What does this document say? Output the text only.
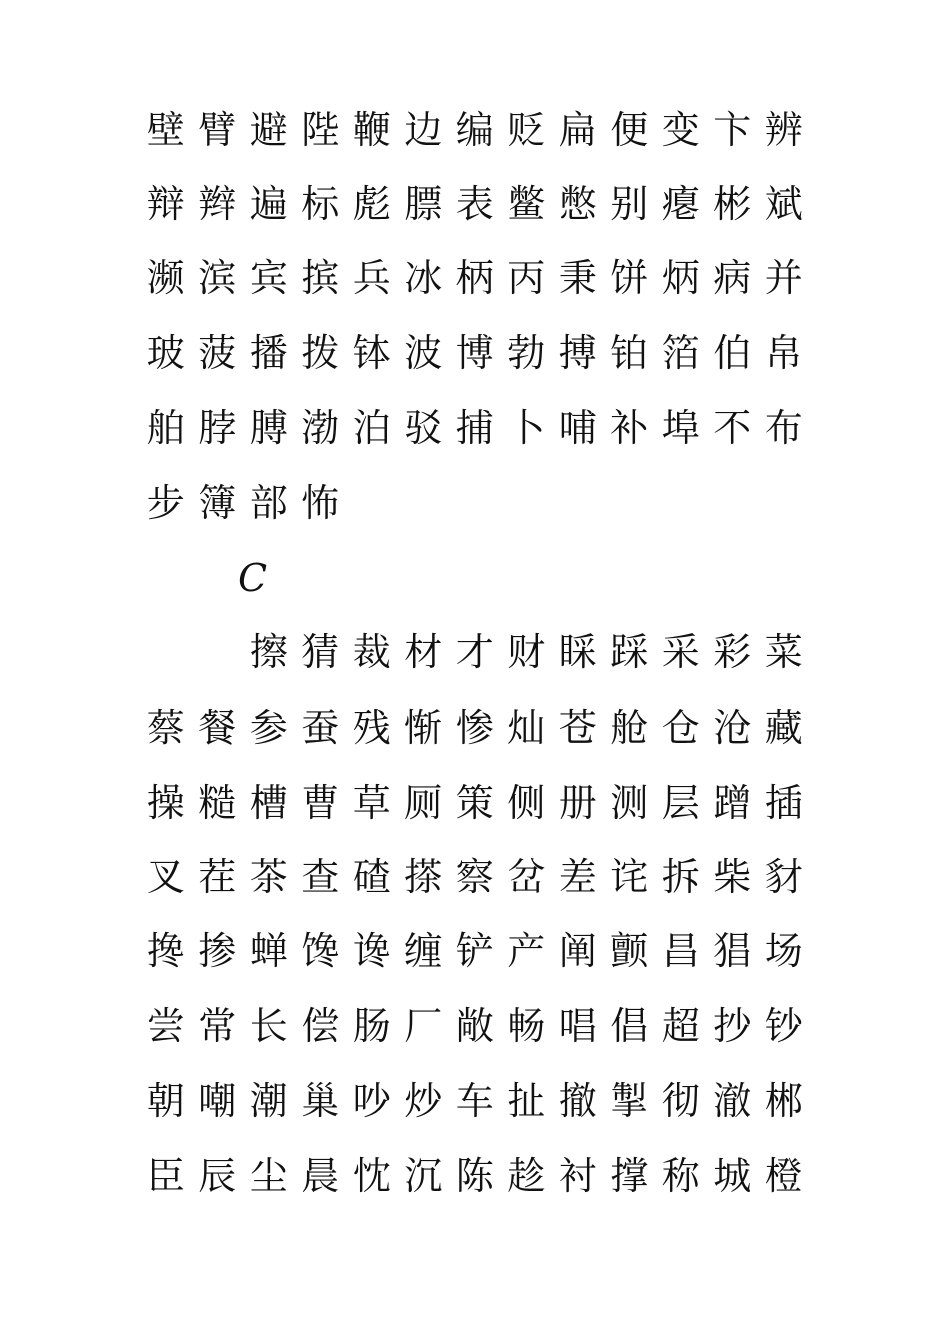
壁 臂 避 陛 鞭 边 编 贬 扁 便 变 卞 辨
辩 辫 遍 标 彪 膘 表 鳖 憋 别 瘪 彬 斌
濒 滨 宾 摈 兵 冰 柄 丙 秉 饼 炳 病 并
玻 菠 播 拨 钵 波 博 勃 搏 铂 箔 伯 帛
舶 脖 膊 渤 泊 驳 捕 卜 哺 补 埠 不 布
步 簿 部 怖
C
擦 猜 裁 材 才 财 睬 踩 采 彩 菜
蔡 餐 参 蚕 残 惭 惨 灿 苍 舱 仓 沧 藏
操 糙 槽 曹 草 厕 策 侧 册 测 层 蹭 插
叉 茬 茶 查 碴 搽 察 岔 差 诧 拆 柴 豺
搀 掺 蝉 馋 谗 缠 铲 产 阐 颤 昌 猖 场
尝 常 长 偿 肠 厂 敞 畅 唱 倡 超 抄 钞
朝 嘲 潮 巢 吵 炒 车 扯 撤 掣 彻 澈 郴
臣 辰 尘 晨 忱 沉 陈 趁 衬 撑 称 城 橙
